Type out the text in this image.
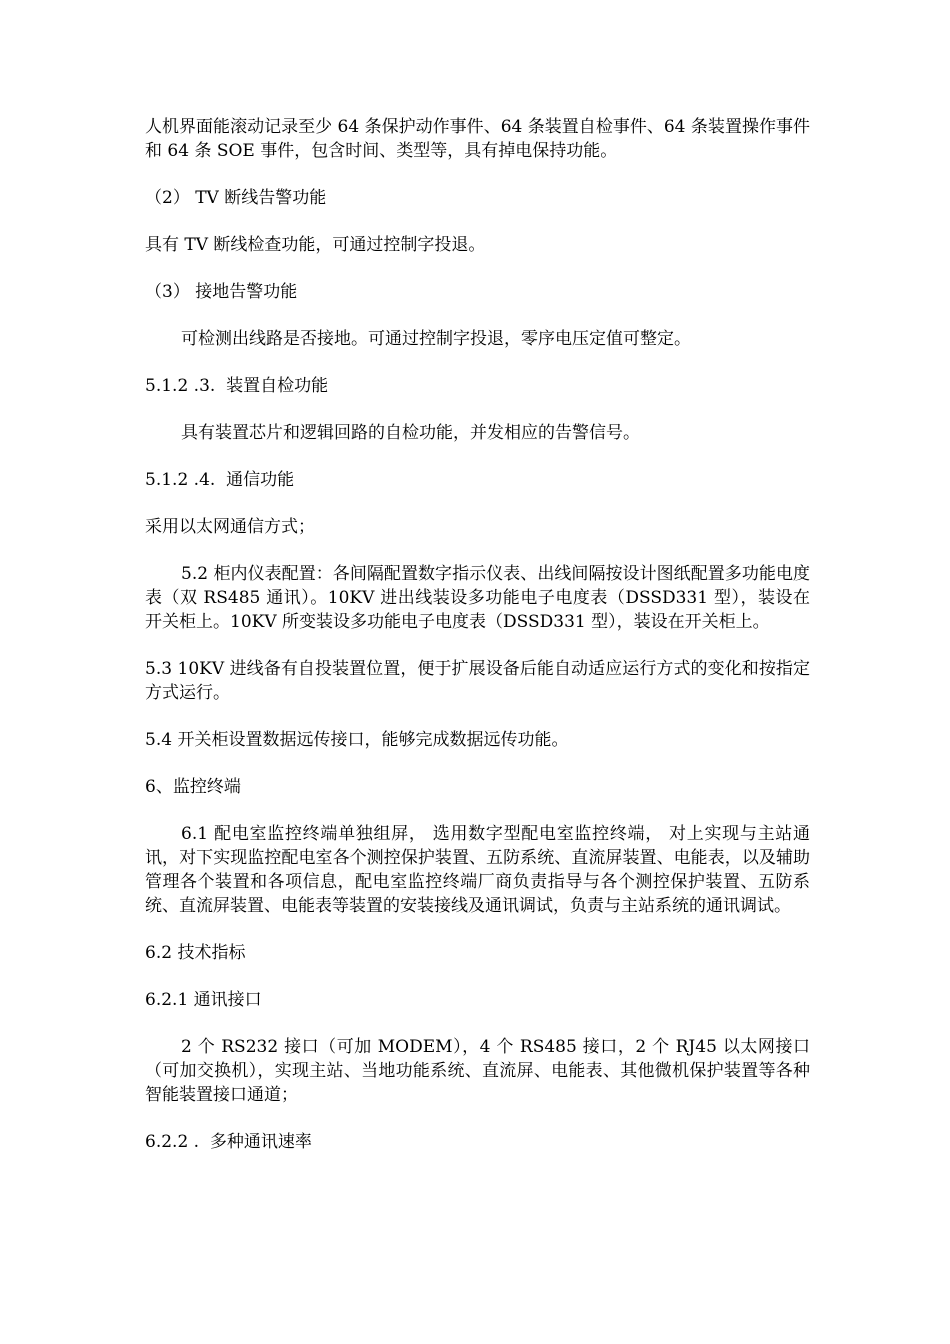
人机界面能滚动记录至少 64 条保护动作事件、64 条装置自检事件、64 条装置操作事件和 64 条 SOE 事件，包含时间、类型等，具有掉电保持功能。

（2） TV 断线告警功能

具有 TV 断线检查功能，可通过控制字投退。

（3） 接地告警功能

可检测出线路是否接地。可通过控制字投退，零序电压定值可整定。

5.1.2 .3.  装置自检功能

具有装置芯片和逻辑回路的自检功能，并发相应的告警信号。

5.1.2 .4.  通信功能

采用以太网通信方式；

5.2 柜内仪表配置：各间隔配置数字指示仪表、出线间隔按设计图纸配置多功能电度表（双 RS485 通讯）。10KV 进出线装设多功能电子电度表（DSSD331 型），装设在开关柜上。10KV 所变装设多功能电子电度表（DSSD331 型），装设在开关柜上。

5.3 10KV 进线备有自投装置位置，便于扩展设备后能自动适应运行方式的变化和按指定方式运行。

5.4 开关柜设置数据远传接口，能够完成数据远传功能。

6、监控终端

6.1 配电室监控终端单独组屏， 选用数字型配电室监控终端， 对上实现与主站通讯，对下实现监控配电室各个测控保护装置、五防系统、直流屏装置、电能表，以及辅助管理各个装置和各项信息，配电室监控终端厂商负责指导与各个测控保护装置、五防系统、直流屏装置、电能表等装置的安装接线及通讯调试，负责与主站系统的通讯调试。

6.2 技术指标

6.2.1 通讯接口

2 个 RS232 接口（可加 MODEM），4 个 RS485 接口，2 个 RJ45 以太网接口（可加交换机），实现主站、当地功能系统、直流屏、电能表、其他微机保护装置等各种智能装置接口通道；

6.2.2 .  多种通讯速率
